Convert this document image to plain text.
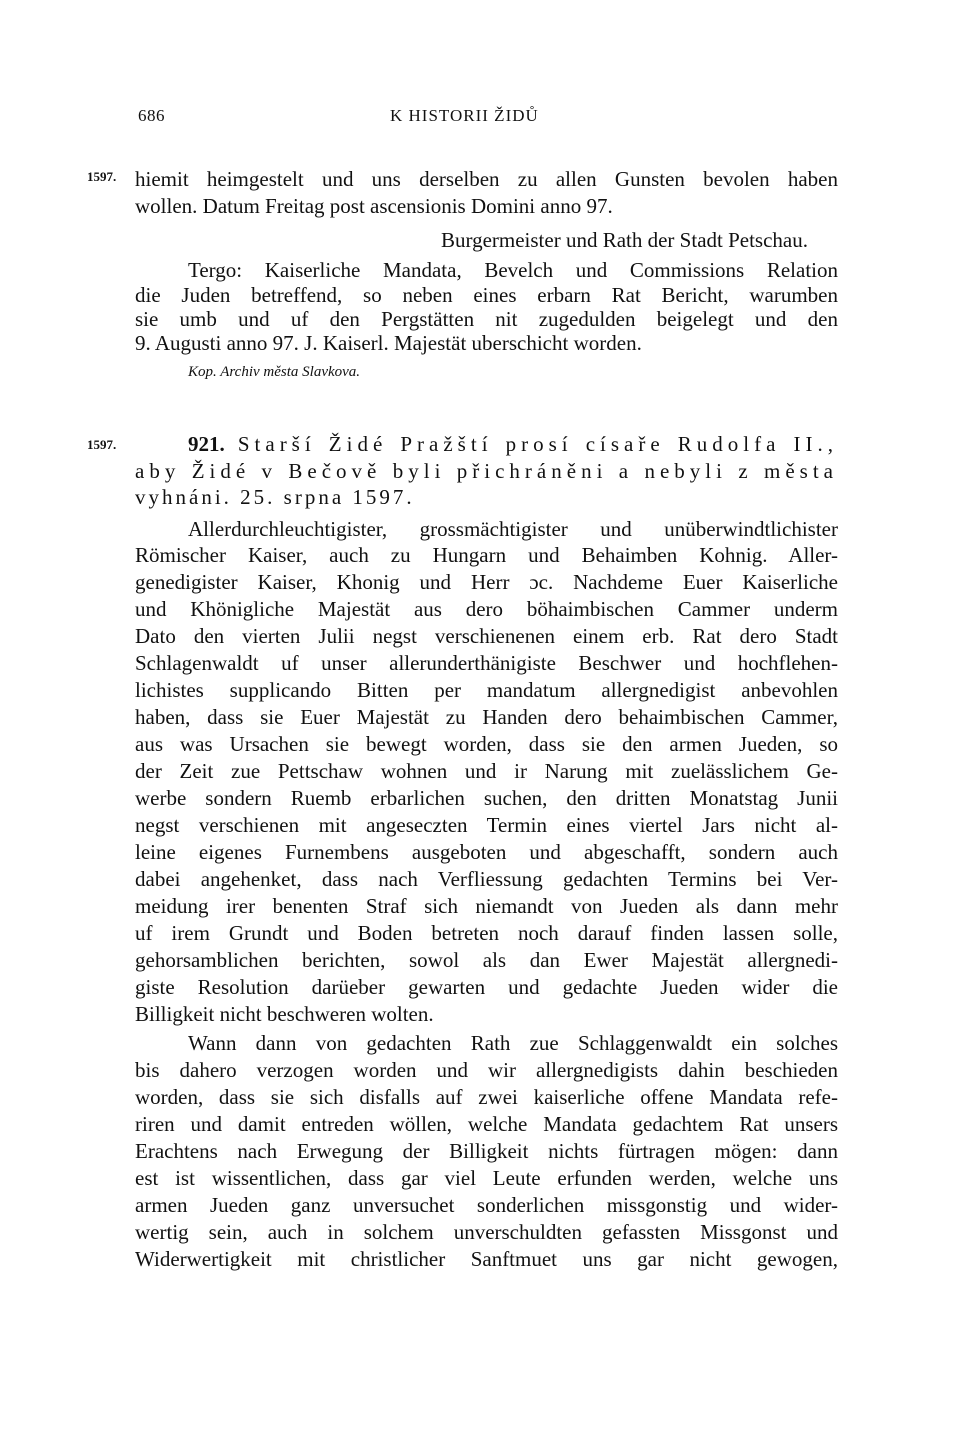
686	K HISTORII ŽIDŮ
1597. hiemit heimgestelt und uns derselben zu allen Gunsten bevolen haben
wollen. Datum Freitag post ascensionis Domini anno 97.
Burgermeister und Rath der Stadt Petschau.
Tergo: Kaiserliche Mandata, Bevelch und Commissions Relation
die Juden betreffend, so neben eines erbarn Rat Bericht, warumben
sie umb und uf den Pergstätten nit zugedulden beigelegt und den
9. Augusti anno 97. J. Kaiserl. Majestät uberschicht worden.
Kop. Archiv města Slavkova.
1597.	921. Starší Židé Pražští prosí císaře Rudolfa II.,
aby Židé v Bečově byli přichráněni a nebyli z města
vyhnáni. 25. srpna 1597.
Allerdurchleuchtigister, grossmächtigister und unüberwindtlichister
Römischer Kaiser, auch zu Hungarn und Behaimben Kohnig. Aller-
genedigister Kaiser, Khonig und Herr ɔc. Nachdeme Euer Kaiserliche
und Khönigliche Majestät aus dero böhaimbischen Cammer underm
Dato den vierten Julii negst verschienenen einem erb. Rat dero Stadt
Schlagenwaldt uf unser allerunderthänigiste Beschwer und hochflehen-
lichistes supplicando Bitten per mandatum allergnedigist anbevohlen
haben, dass sie Euer Majestät zu Handen dero behaimbischen Cammer,
aus was Ursachen sie bewegt worden, dass sie den armen Jueden, so
der Zeit zue Pettschaw wohnen und ir Narung mit zuelässlichem Ge-
werbe sondern Ruemb erbarlichen suchen, den dritten Monatstag Junii
negst verschienen mit angeseczten Termin eines viertel Jars nicht al-
leine eigenes Furnembens ausgeboten und abgeschafft, sondern auch
dabei angehenket, dass nach Verfliessung gedachten Termins bei Ver-
meidung irer benenten Straf sich niemandt von Jueden als dann mehr
uf irem Grundt und Boden betreten noch darauf finden lassen solle,
gehorsamblichen berichten, sowol als dan Ewer Majestät allergnedi-
giste Resolution darüeber gewarten und gedachte Jueden wider die
Billigkeit nicht beschweren wolten.
Wann dann von gedachten Rath zue Schlaggenwaldt ein solches
bis dahero verzogen worden und wir allergnedigists dahin beschieden
worden, dass sie sich disfalls auf zwei kaiserliche offene Mandata refe-
riren und damit entreden wöllen, welche Mandata gedachtem Rat unsers
Erachtens nach Erwegung der Billigkeit nichts fürtragen mögen: dann
est ist wissentlichen, dass gar viel Leute erfunden werden, welche uns
armen Jueden ganz unversuchet sonderlichen missgonstig und wider-
wertig sein, auch in solchem unverschuldten gefassten Missgonst und
Widerwertigkeit mit christlicher Sanftmuet uns gar nicht gewogen,
